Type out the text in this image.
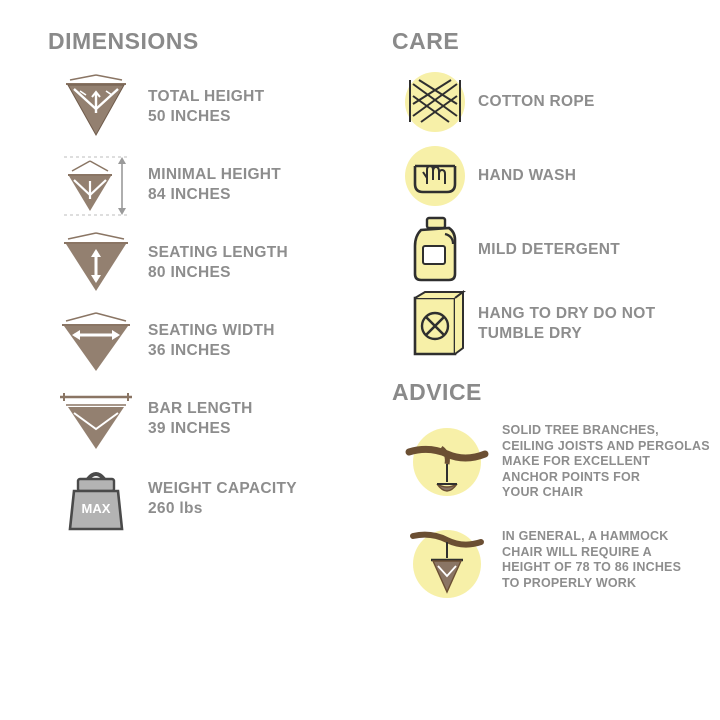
DIMENSIONS
TOTAL HEIGHT
50 INCHES
MINIMAL HEIGHT
84 INCHES
SEATING LENGTH
80 INCHES
SEATING WIDTH
36 INCHES
BAR LENGTH
39 INCHES
MAX
WEIGHT CAPACITY
260 lbs
CARE
COTTON ROPE
HAND WASH
MILD DETERGENT
HANG TO DRY DO NOT TUMBLE DRY
ADVICE
SOLID TREE BRANCHES,
CEILING JOISTS AND PERGOLAS
MAKE FOR EXCELLENT
ANCHOR POINTS FOR
YOUR CHAIR
IN GENERAL, A HAMMOCK
CHAIR WILL REQUIRE A
HEIGHT OF 78 TO 86 INCHES
TO PROPERLY WORK
